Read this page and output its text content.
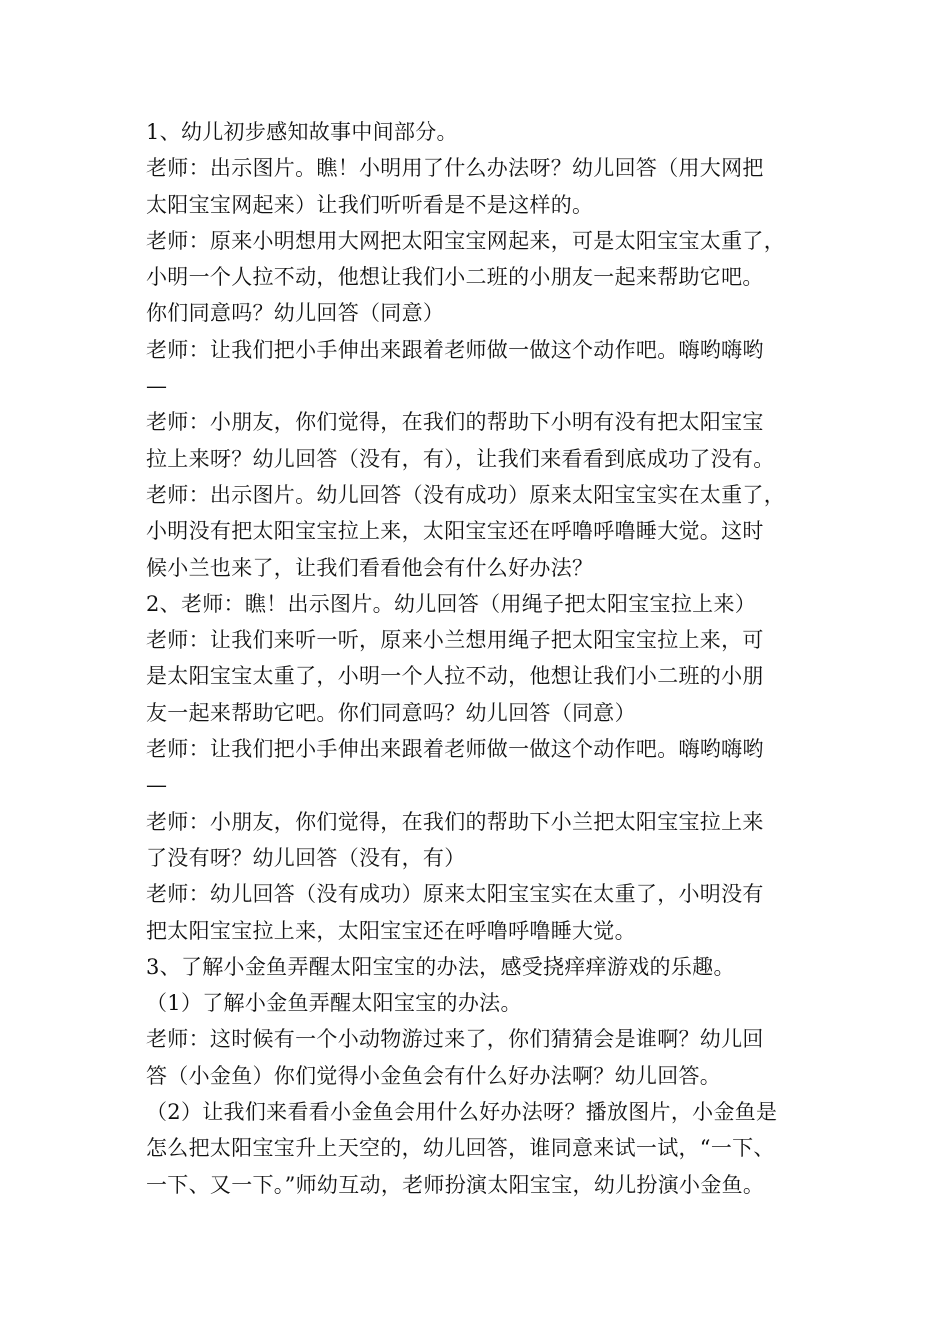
1、幼儿初步感知故事中间部分。
老师：出示图片。瞧！小明用了什么办法呀？幼儿回答（用大网把
太阳宝宝网起来）让我们听听看是不是这样的。
老师：原来小明想用大网把太阳宝宝网起来，可是太阳宝宝太重了，
小明一个人拉不动，他想让我们小二班的小朋友一起来帮助它吧。
你们同意吗？幼儿回答（同意）
老师：让我们把小手伸出来跟着老师做一做这个动作吧。嗨哟嗨哟
—
老师：小朋友，你们觉得，在我们的帮助下小明有没有把太阳宝宝
拉上来呀？幼儿回答（没有，有），让我们来看看到底成功了没有。
老师：出示图片。幼儿回答（没有成功）原来太阳宝宝实在太重了，
小明没有把太阳宝宝拉上来，太阳宝宝还在呼噜呼噜睡大觉。这时
候小兰也来了，让我们看看他会有什么好办法？
2、老师：瞧！出示图片。幼儿回答（用绳子把太阳宝宝拉上来）
老师：让我们来听一听，原来小兰想用绳子把太阳宝宝拉上来，可
是太阳宝宝太重了，小明一个人拉不动，他想让我们小二班的小朋
友一起来帮助它吧。你们同意吗？幼儿回答（同意）
老师：让我们把小手伸出来跟着老师做一做这个动作吧。嗨哟嗨哟
—
老师：小朋友，你们觉得，在我们的帮助下小兰把太阳宝宝拉上来
了没有呀？幼儿回答（没有，有）
老师：幼儿回答（没有成功）原来太阳宝宝实在太重了，小明没有
把太阳宝宝拉上来，太阳宝宝还在呼噜呼噜睡大觉。
3、了解小金鱼弄醒太阳宝宝的办法，感受挠痒痒游戏的乐趣。
（1）了解小金鱼弄醒太阳宝宝的办法。
老师：这时候有一个小动物游过来了，你们猜猜会是谁啊？幼儿回
答（小金鱼）你们觉得小金鱼会有什么好办法啊？幼儿回答。
（2）让我们来看看小金鱼会用什么好办法呀？播放图片，小金鱼是
怎么把太阳宝宝升上天空的，幼儿回答，谁同意来试一试，“一下、
一下、又一下。”师幼互动，老师扮演太阳宝宝，幼儿扮演小金鱼。
